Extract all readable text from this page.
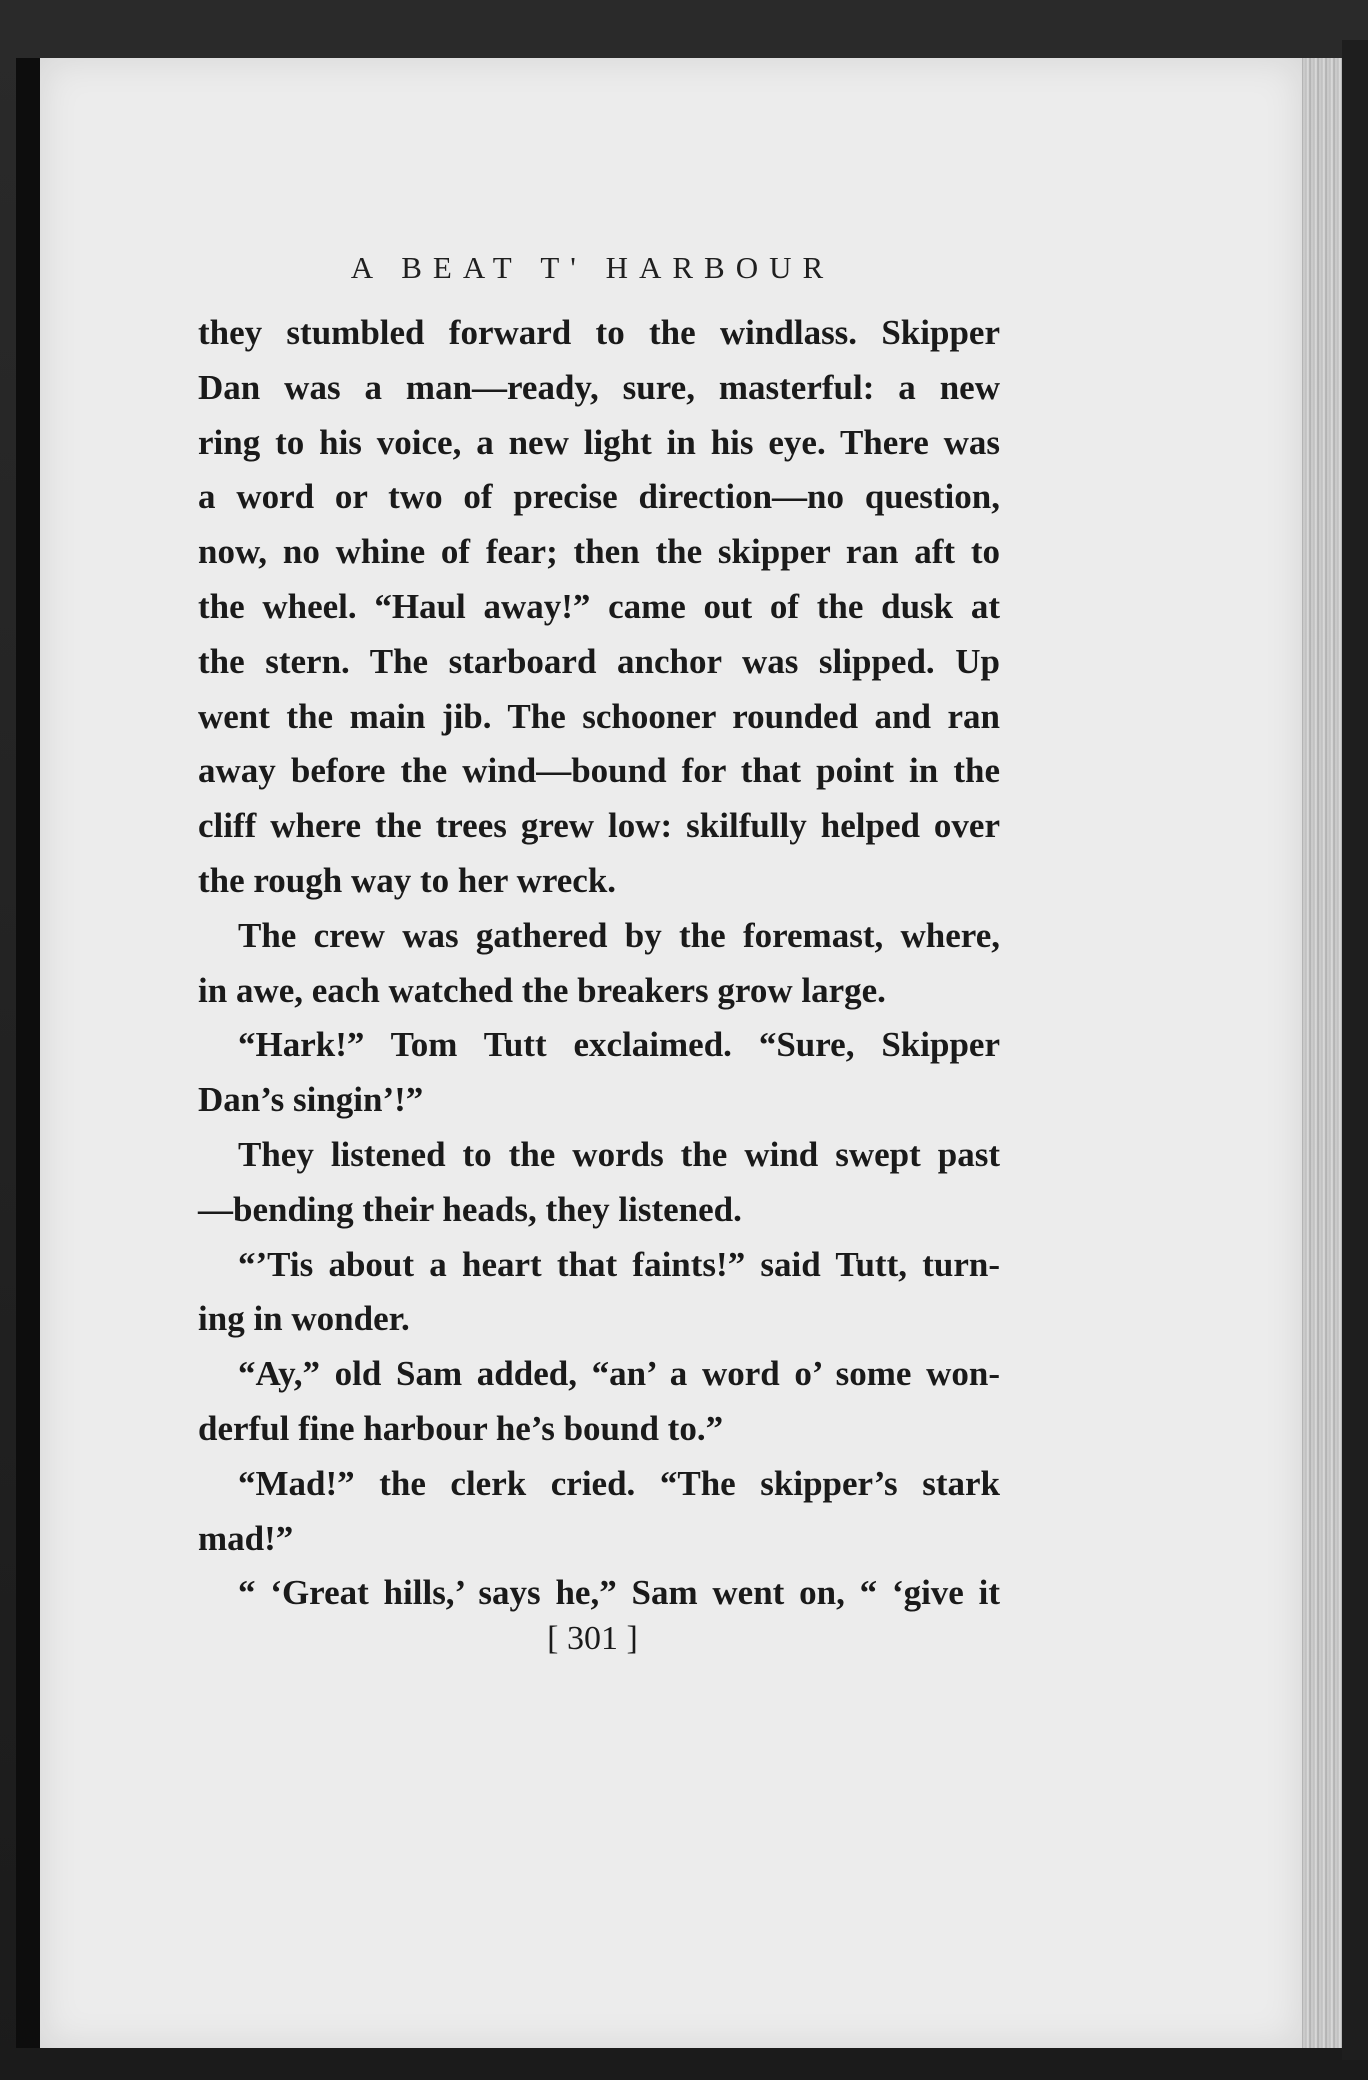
A BEAT T' HARBOUR
they stumbled forward to the windlass. Skipper
Dan was a man—ready, sure, masterful: a new
ring to his voice, a new light in his eye. There was
a word or two of precise direction—no question,
now, no whine of fear; then the skipper ran aft to
the wheel. “Haul away!” came out of the dusk at
the stern. The starboard anchor was slipped. Up
went the main jib. The schooner rounded and ran
away before the wind—bound for that point in the
cliff where the trees grew low: skilfully helped over
the rough way to her wreck.
The crew was gathered by the foremast, where,
in awe, each watched the breakers grow large.
“Hark!” Tom Tutt exclaimed. “Sure, Skipper
Dan’s singin’!”
They listened to the words the wind swept past
—bending their heads, they listened.
“’Tis about a heart that faints!” said Tutt, turn-
ing in wonder.
“Ay,” old Sam added, “an’ a word o’ some won-
derful fine harbour he’s bound to.”
“Mad!” the clerk cried. “The skipper’s stark
mad!”
“ ‘Great hills,’ says he,” Sam went on, “ ‘give it
[ 301 ]
